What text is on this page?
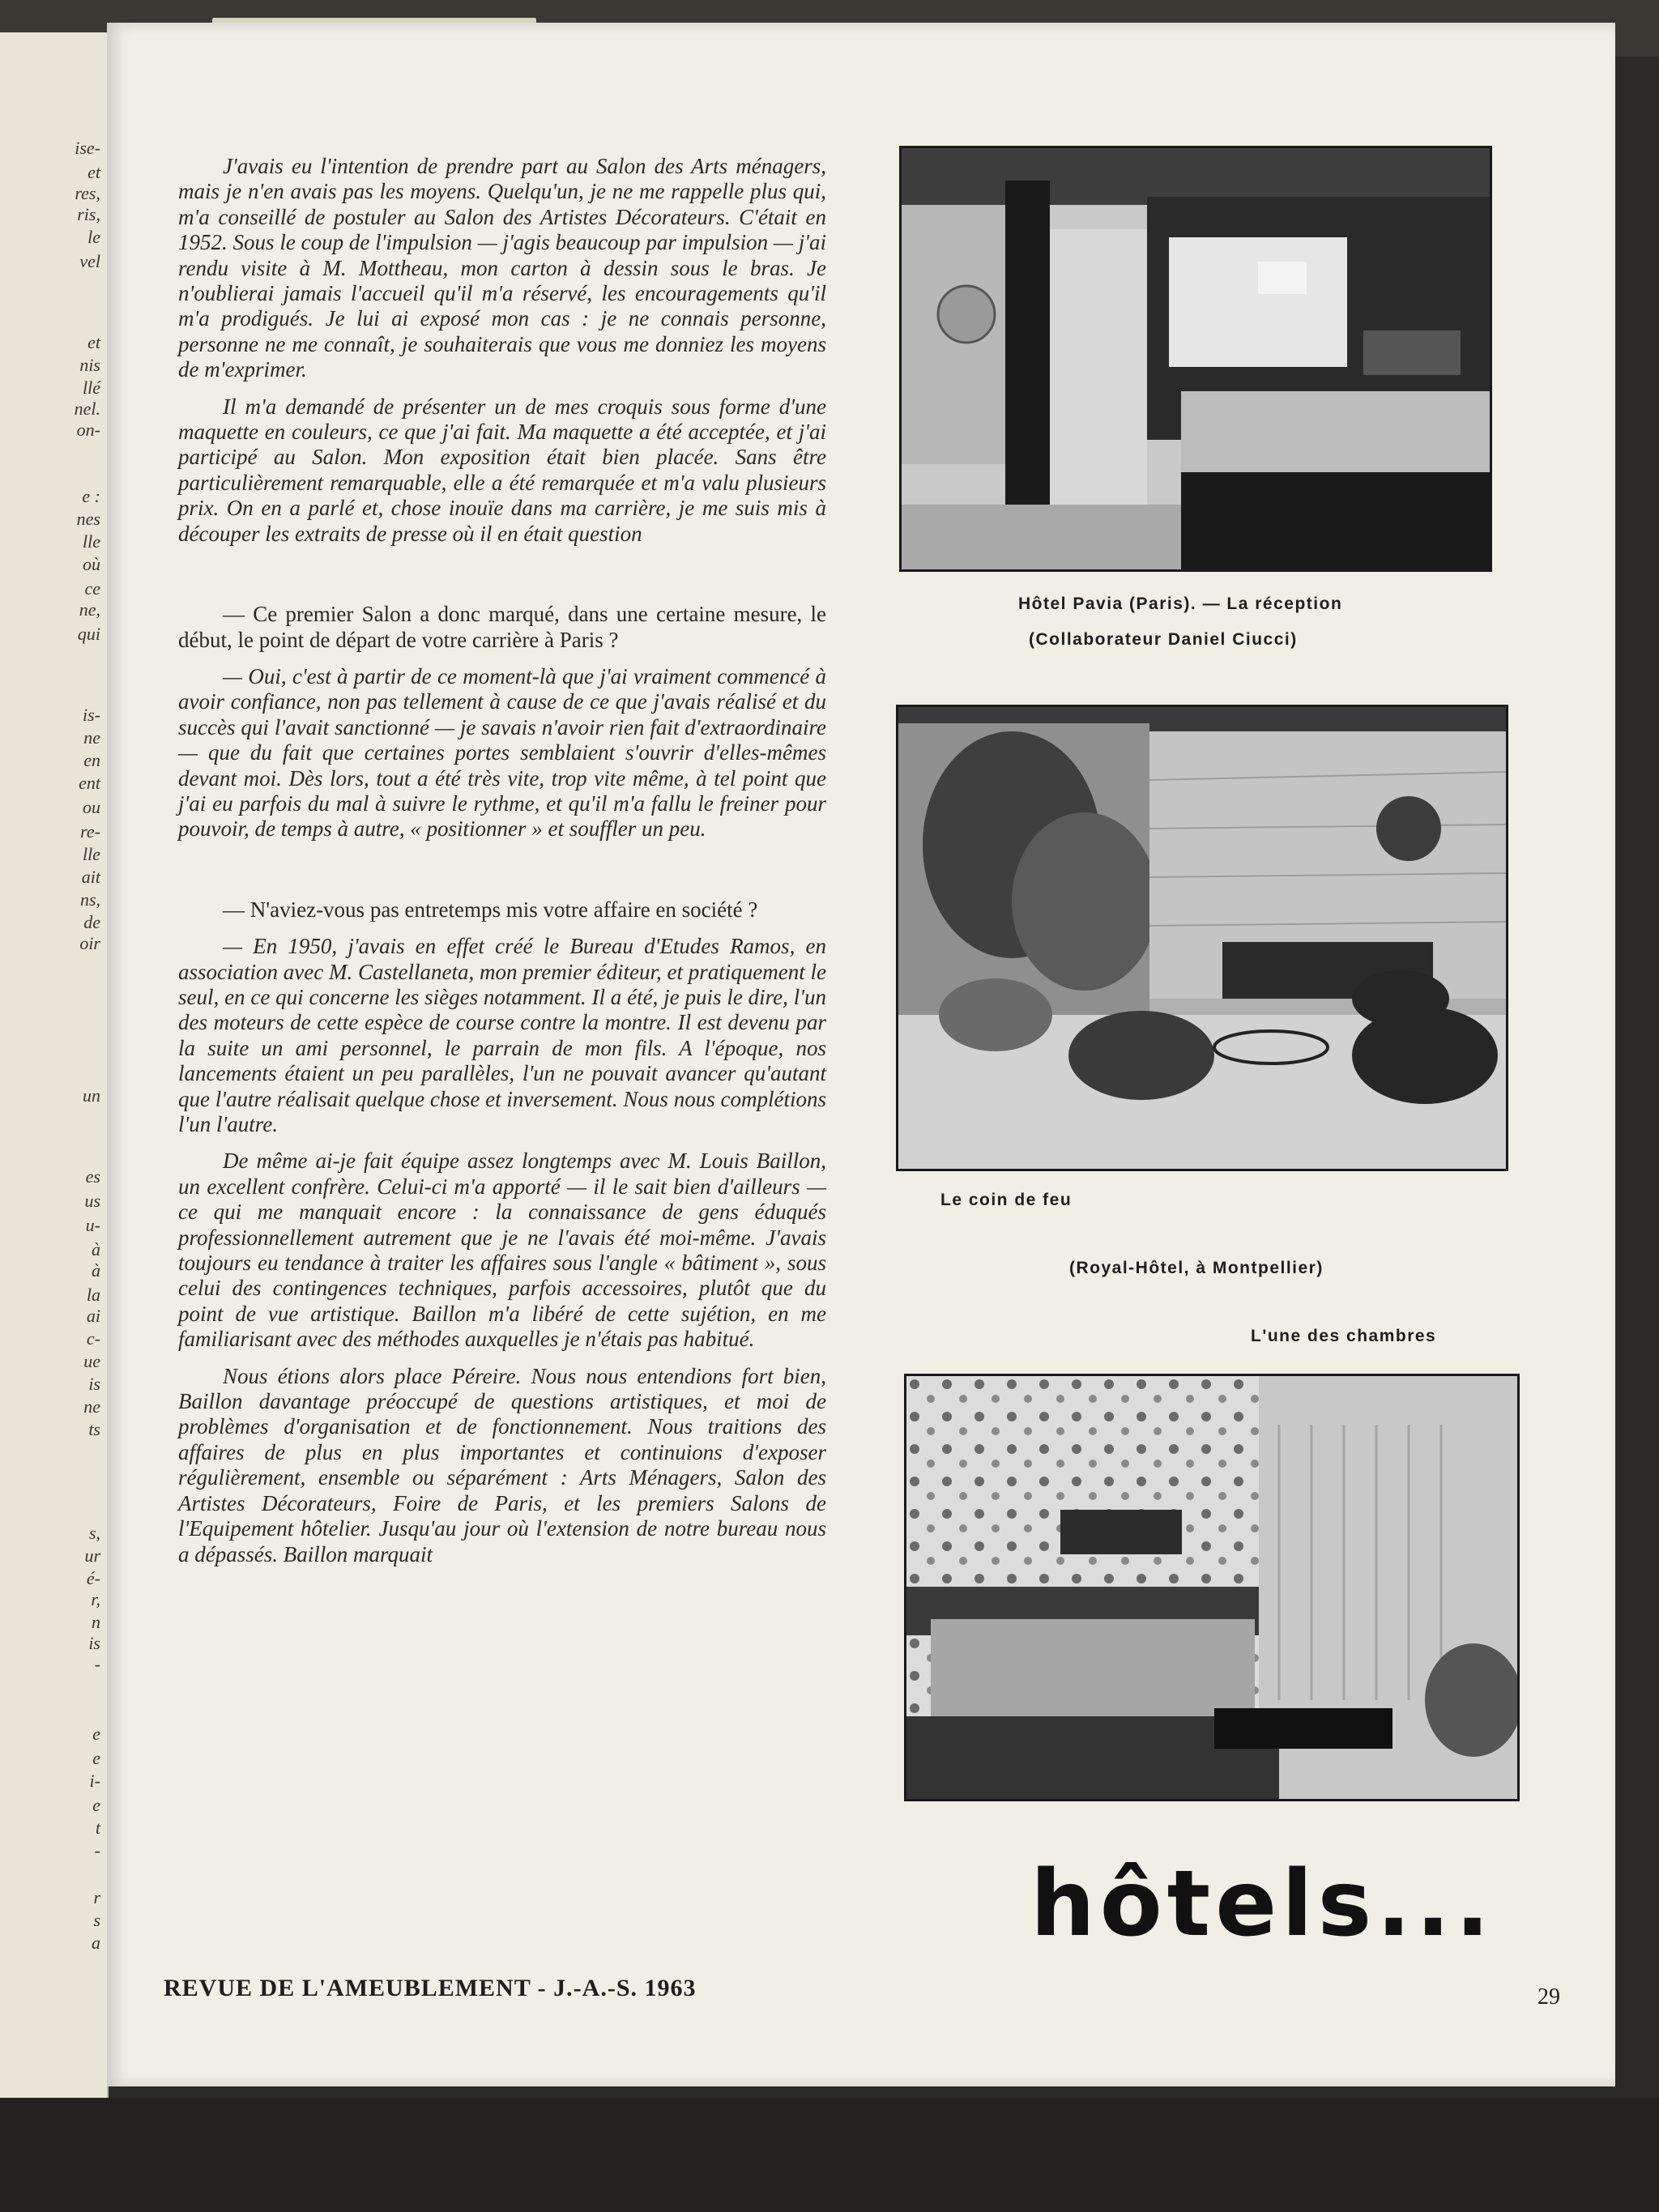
ise-
et
res,
ris,
le
vel
et
nis
llé
nel.
on-
e :
nes
lle
où
ce
ne,
qui
is-
ne
en
ent
ou
re-
lle
ait
ns,
de
oir
un
es
us
u-
à
à
la
ai
c-
ue
is
ne
ts
s,
ur
é-
r,
n
is
-
e
e
i-
e
t
-
r
s
a

J'avais eu l'intention de prendre part au Salon des Arts ménagers, mais je n'en avais pas les moyens. Quelqu'un, je ne me rappelle plus qui, m'a conseillé de postuler au Salon des Artistes Décorateurs. C'était en 1952. Sous le coup de l'impulsion — j'agis beaucoup par impulsion — j'ai rendu visite à M. Mottheau, mon carton à dessin sous le bras. Je n'oublierai jamais l'accueil qu'il m'a réservé, les encouragements qu'il m'a prodigués. Je lui ai exposé mon cas : je ne connais personne, personne ne me connaît, je souhaiterais que vous me donniez les moyens de m'exprimer.

Il m'a demandé de présenter un de mes croquis sous forme d'une maquette en couleurs, ce que j'ai fait. Ma maquette a été acceptée, et j'ai participé au Salon. Mon exposition était bien placée. Sans être particulièrement remarquable, elle a été remarquée et m'a valu plusieurs prix. On en a parlé et, chose inouïe dans ma carrière, je me suis mis à découper les extraits de presse où il en était question

— Ce premier Salon a donc marqué, dans une certaine mesure, le début, le point de départ de votre carrière à Paris ?

— Oui, c'est à partir de ce moment-là que j'ai vraiment commencé à avoir confiance, non pas tellement à cause de ce que j'avais réalisé et du succès qui l'avait sanctionné — je savais n'avoir rien fait d'extraordinaire — que du fait que certaines portes semblaient s'ouvrir d'elles-mêmes devant moi. Dès lors, tout a été très vite, trop vite même, à tel point que j'ai eu parfois du mal à suivre le rythme, et qu'il m'a fallu le freiner pour pouvoir, de temps à autre, « positionner » et souffler un peu.

— N'aviez-vous pas entretemps mis votre affaire en société ?

— En 1950, j'avais en effet créé le Bureau d'Etudes Ramos, en association avec M. Castellaneta, mon premier éditeur, et pratiquement le seul, en ce qui concerne les sièges notamment. Il a été, je puis le dire, l'un des moteurs de cette espèce de course contre la montre. Il est devenu par la suite un ami personnel, le parrain de mon fils. A l'époque, nos lancements étaient un peu parallèles, l'un ne pouvait avancer qu'autant que l'autre réalisait quelque chose et inversement. Nous nous complétions l'un l'autre.

De même ai-je fait équipe assez longtemps avec M. Louis Baillon, un excellent confrère. Celui-ci m'a apporté — il le sait bien d'ailleurs — ce qui me manquait encore : la connaissance de gens éduqués professionnellement autrement que je ne l'avais été moi-même. J'avais toujours eu tendance à traiter les affaires sous l'angle « bâtiment », sous celui des contingences techniques, parfois accessoires, plutôt que du point de vue artistique. Baillon m'a libéré de cette sujétion, en me familiarisant avec des méthodes auxquelles je n'étais pas habitué.

Nous étions alors place Péreire. Nous nous entendions fort bien, Baillon davantage préoccupé de questions artistiques, et moi de problèmes d'organisation et de fonctionnement. Nous traitions des affaires de plus en plus importantes et continuions d'exposer régulièrement, ensemble ou séparément : Arts Ménagers, Salon des Artistes Décorateurs, Foire de Paris, et les premiers Salons de l'Equipement hôtelier. Jusqu'au jour où l'extension de notre bureau nous a dépassés. Baillon marquait

Hôtel Pavia (Paris). — La réception
(Collaborateur Daniel Ciucci)
Le coin de feu
(Royal-Hôtel, à Montpellier)
L'une des chambres
hôtels...
REVUE DE L'AMEUBLEMENT - J.-A.-S. 1963	29
